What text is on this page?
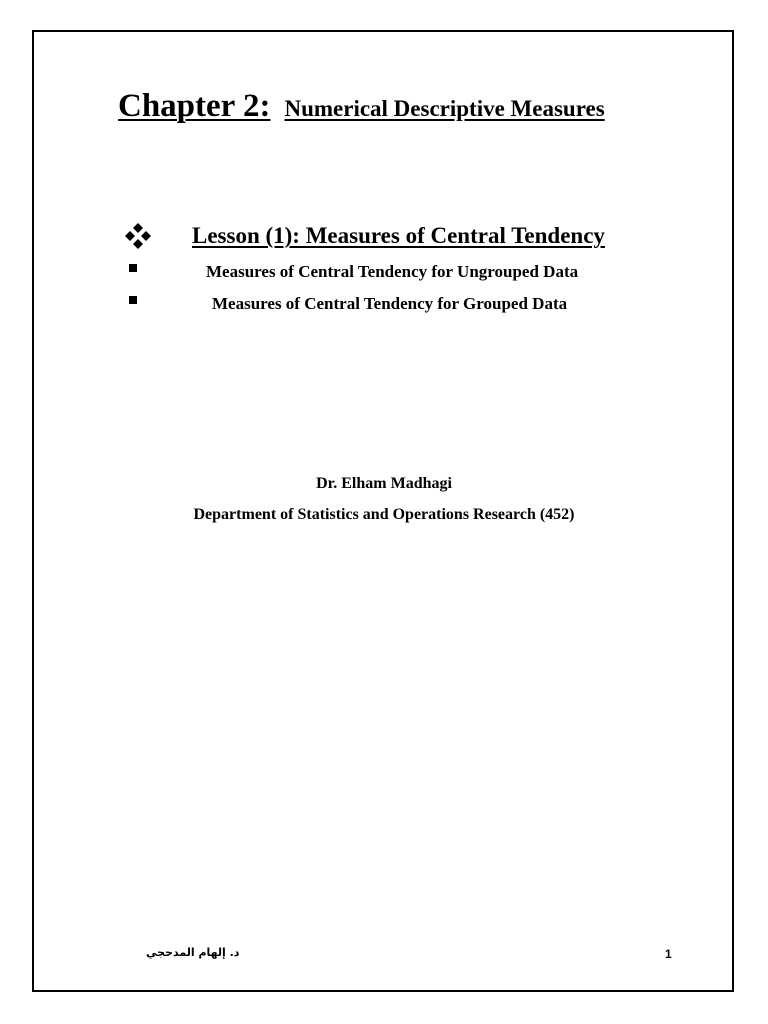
Chapter 2: Numerical Descriptive Measures
Lesson (1): Measures of Central Tendency
Measures of Central Tendency for Ungrouped Data
Measures of Central Tendency for Grouped Data
Dr. Elham Madhagi
Department of Statistics and Operations Research (452)
د. إلهام المدحجي	1
